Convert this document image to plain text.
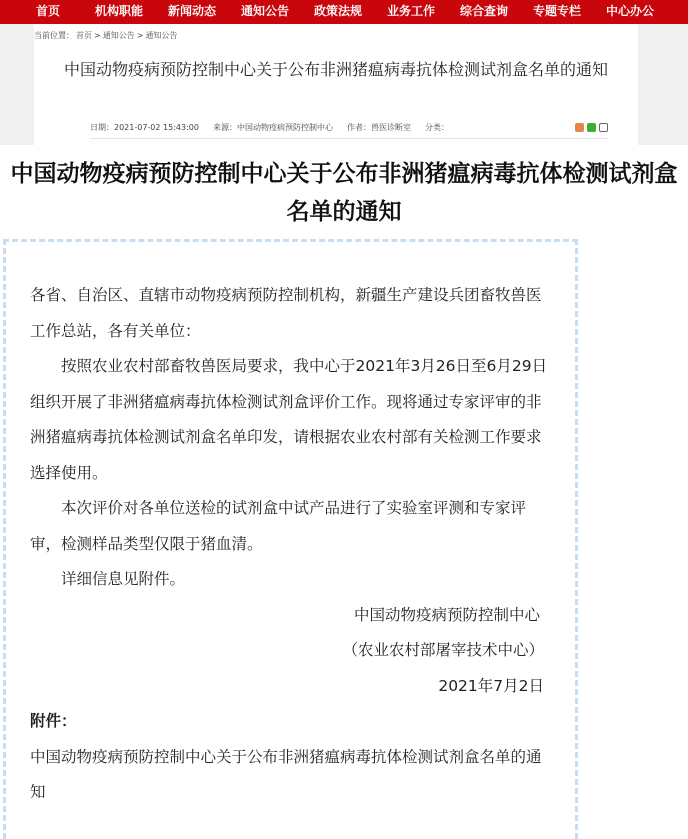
首页	机构职能	新闻动态	通知公告	政策法规	业务工作	综合查询	专题专栏	中心办公
当前位置： 首页 > 通知公告 > 通知公告
中国动物疫病预防控制中心关于公布非洲猪瘟病毒抗体检测试剂盒名单的通知
日期：2021-07-02 15:43:00 来源：中国动物疫病预防控制中心 作者：兽医诊断室 分类：
中国动物疫病预防控制中心关于公布非洲猪瘟病毒抗体检测试剂盒名单的通知

各省、自治区、直辖市动物疫病预防控制机构，新疆生产建设兵团畜牧兽医工作总站，各有关单位：

按照农业农村部畜牧兽医局要求，我中心于2021年3月26日至6月29日组织开展了非洲猪瘟病毒抗体检测试剂盒评价工作。现将通过专家评审的非洲猪瘟病毒抗体检测试剂盒名单印发，请根据农业农村部有关检测工作要求选择使用。

本次评价对各单位送检的试剂盒中试产品进行了实验室评测和专家评审，检测样品类型仅限于猪血清。

详细信息见附件。

中国动物疫病预防控制中心

（农业农村部屠宰技术中心）

2021年7月2日

附件：

中国动物疫病预防控制中心关于公布非洲猪瘟病毒抗体检测试剂盒名单的通知
